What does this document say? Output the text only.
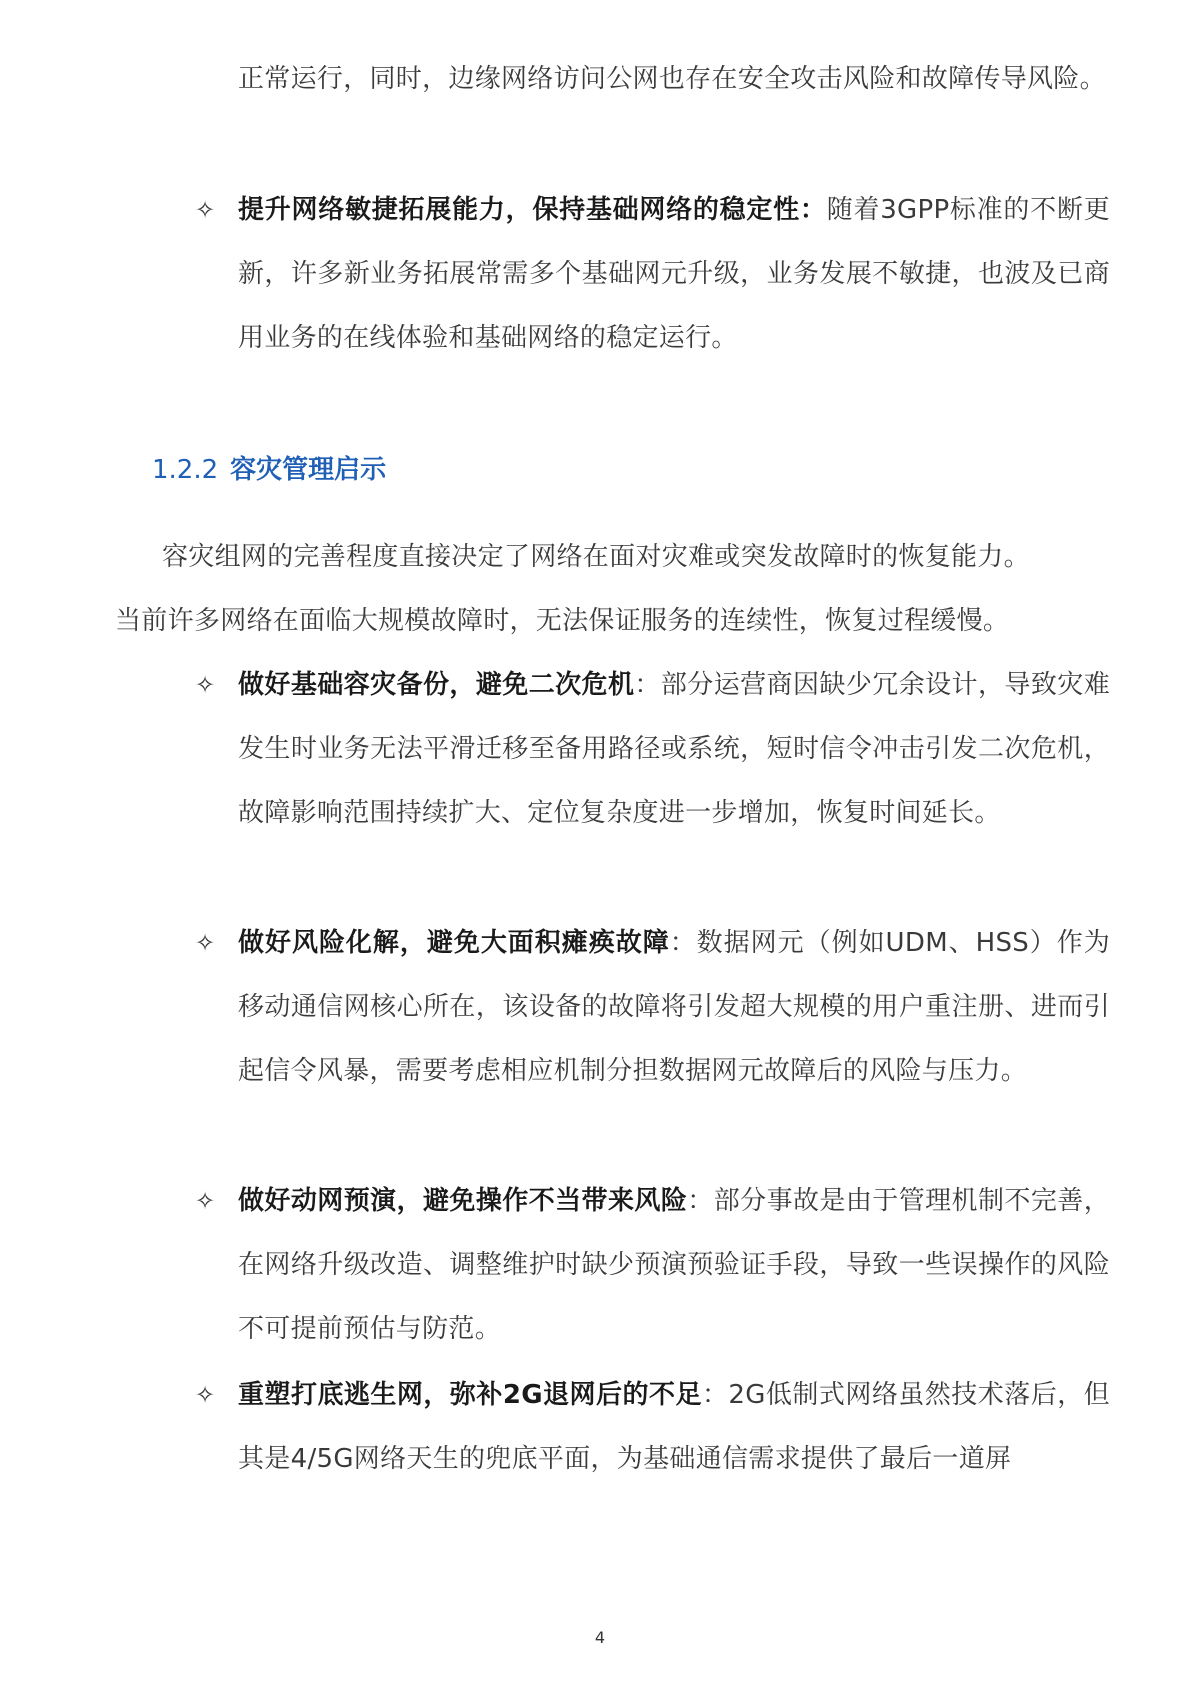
正常运行，同时，边缘网络访问公网也存在安全攻击风险和故障传导风险。

✧ 提升网络敏捷拓展能力，保持基础网络的稳定性：随着3GPP标准的不断更新，许多新业务拓展常需多个基础网元升级，业务发展不敏捷，也波及已商用业务的在线体验和基础网络的稳定运行。
1.2.2 容灾管理启示
容灾组网的完善程度直接决定了网络在面对灾难或突发故障时的恢复能力。
当前许多网络在面临大规模故障时，无法保证服务的连续性，恢复过程缓慢。
✧ 做好基础容灾备份，避免二次危机：部分运营商因缺少冗余设计，导致灾难发生时业务无法平滑迁移至备用路径或系统，短时信令冲击引发二次危机，故障影响范围持续扩大、定位复杂度进一步增加，恢复时间延长。
✧ 做好风险化解，避免大面积瘫痪故障：数据网元（例如UDM、HSS）作为移动通信网核心所在，该设备的故障将引发超大规模的用户重注册、进而引起信令风暴，需要考虑相应机制分担数据网元故障后的风险与压力。
✧ 做好动网预演，避免操作不当带来风险：部分事故是由于管理机制不完善，在网络升级改造、调整维护时缺少预演预验证手段，导致一些误操作的风险不可提前预估与防范。
✧ 重塑打底逃生网，弥补2G退网后的不足：2G低制式网络虽然技术落后，但其是4/5G网络天生的兜底平面，为基础通信需求提供了最后一道屏
4
